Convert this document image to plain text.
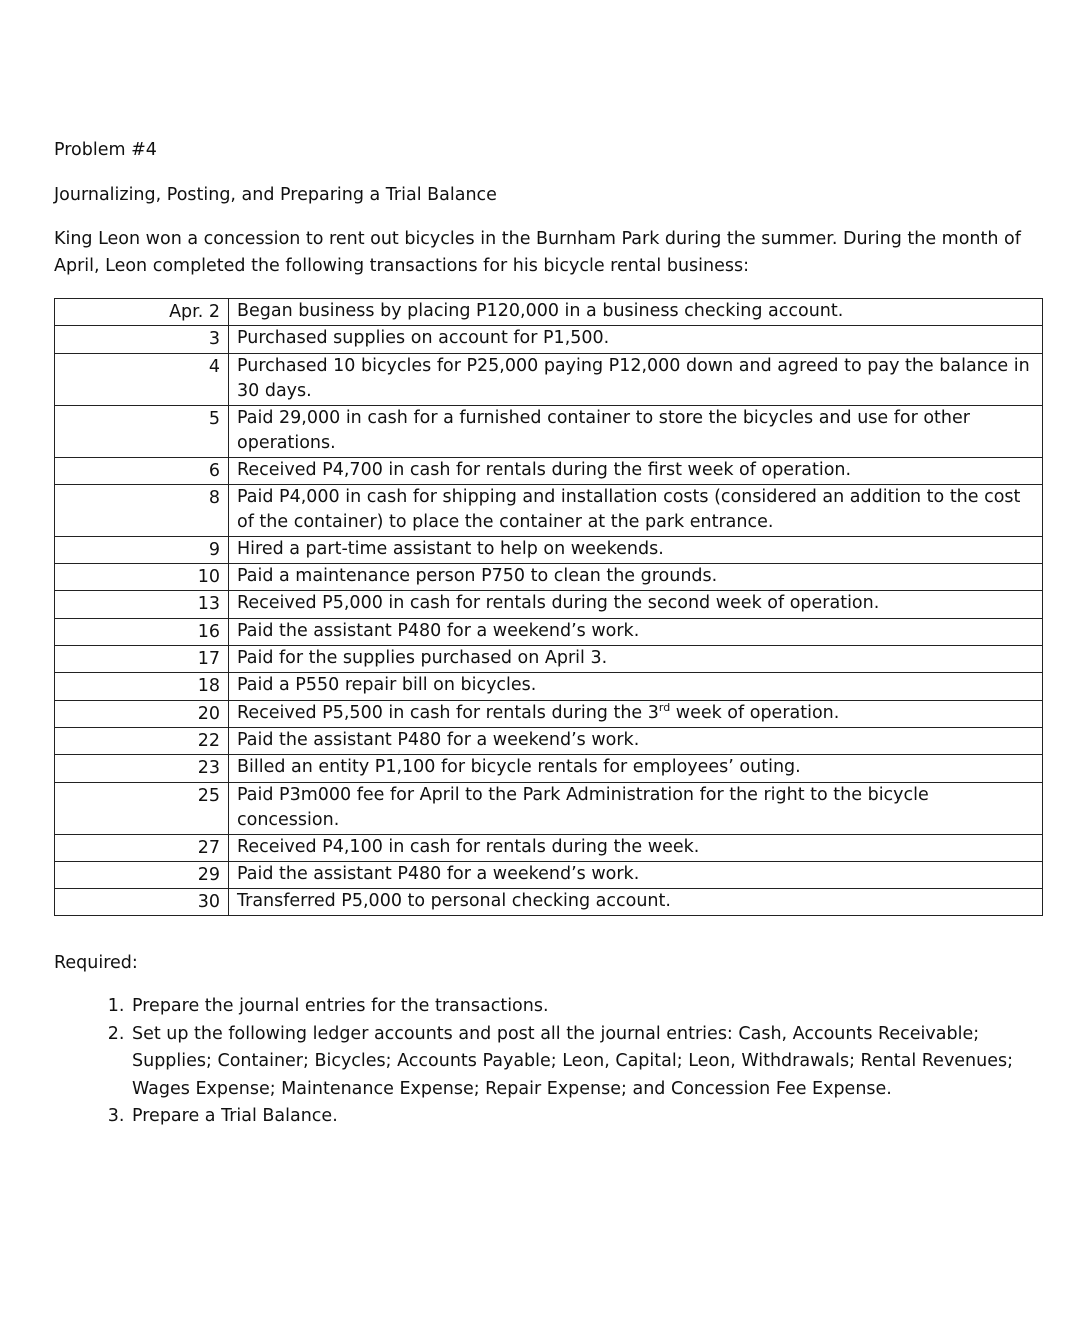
Problem #4

Journalizing, Posting, and Preparing a Trial Balance

King Leon won a concession to rent out bicycles in the Burnham Park during the summer. During the month of April, Leon completed the following transactions for his bicycle rental business:

Apr. 2	Began business by placing P120,000 in a business checking account.
3	Purchased supplies on account for P1,500.
4	Purchased 10 bicycles for P25,000 paying P12,000 down and agreed to pay the balance in 30 days.
5	Paid 29,000 in cash for a furnished container to store the bicycles and use for other operations.
6	Received P4,700 in cash for rentals during the first week of operation.
8	Paid P4,000 in cash for shipping and installation costs (considered an addition to the cost of the container) to place the container at the park entrance.
9	Hired a part-time assistant to help on weekends.
10	Paid a maintenance person P750 to clean the grounds.
13	Received P5,000 in cash for rentals during the second week of operation.
16	Paid the assistant P480 for a weekend’s work.
17	Paid for the supplies purchased on April 3.
18	Paid a P550 repair bill on bicycles.
20	Received P5,500 in cash for rentals during the 3rd week of operation.
22	Paid the assistant P480 for a weekend’s work.
23	Billed an entity P1,100 for bicycle rentals for employees’ outing.
25	Paid P3m000 fee for April to the Park Administration for the right to the bicycle concession.
27	Received P4,100 in cash for rentals during the week.
29	Paid the assistant P480 for a weekend’s work.
30	Transferred P5,000 to personal checking account.

Required:

1. Prepare the journal entries for the transactions.
2. Set up the following ledger accounts and post all the journal entries: Cash, Accounts Receivable; Supplies; Container; Bicycles; Accounts Payable; Leon, Capital; Leon, Withdrawals; Rental Revenues; Wages Expense; Maintenance Expense; Repair Expense; and Concession Fee Expense.
3. Prepare a Trial Balance.
